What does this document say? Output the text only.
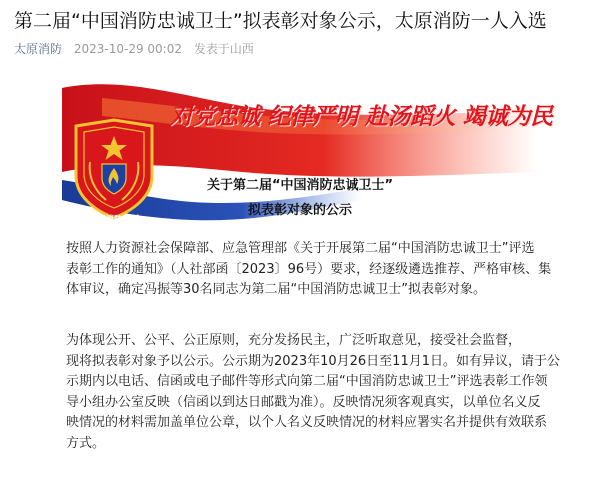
第二届“中国消防忠诚卫士”拟表彰对象公示，太原消防一人入选
太原消防 2023-10-29 00:02 发表于山西
中国消防救援
CHINA FIRE AND RESCUE
对党忠诚 纪律严明 赴汤蹈火 竭诚为民
关于第二届“中国消防忠诚卫士”
拟表彰对象的公示
按照人力资源社会保障部、应急管理部《关于开展第二届“中国消防忠诚卫士”评选
表彰工作的通知》（人社部函〔2023〕96号）要求，经逐级遴选推荐、严格审核、集
体审议，确定冯振等30名同志为第二届“中国消防忠诚卫士”拟表彰对象。
为体现公开、公平、公正原则，充分发扬民主，广泛听取意见，接受社会监督，
现将拟表彰对象予以公示。公示期为2023年10月26日至11月1日。如有异议，请于公
示期内以电话、信函或电子邮件等形式向第二届“中国消防忠诚卫士”评选表彰工作领
导小组办公室反映（信函以到达日邮戳为准）。反映情况须客观真实，以单位名义反
映情况的材料需加盖单位公章，以个人名义反映情况的材料应署实名并提供有效联系
方式。
